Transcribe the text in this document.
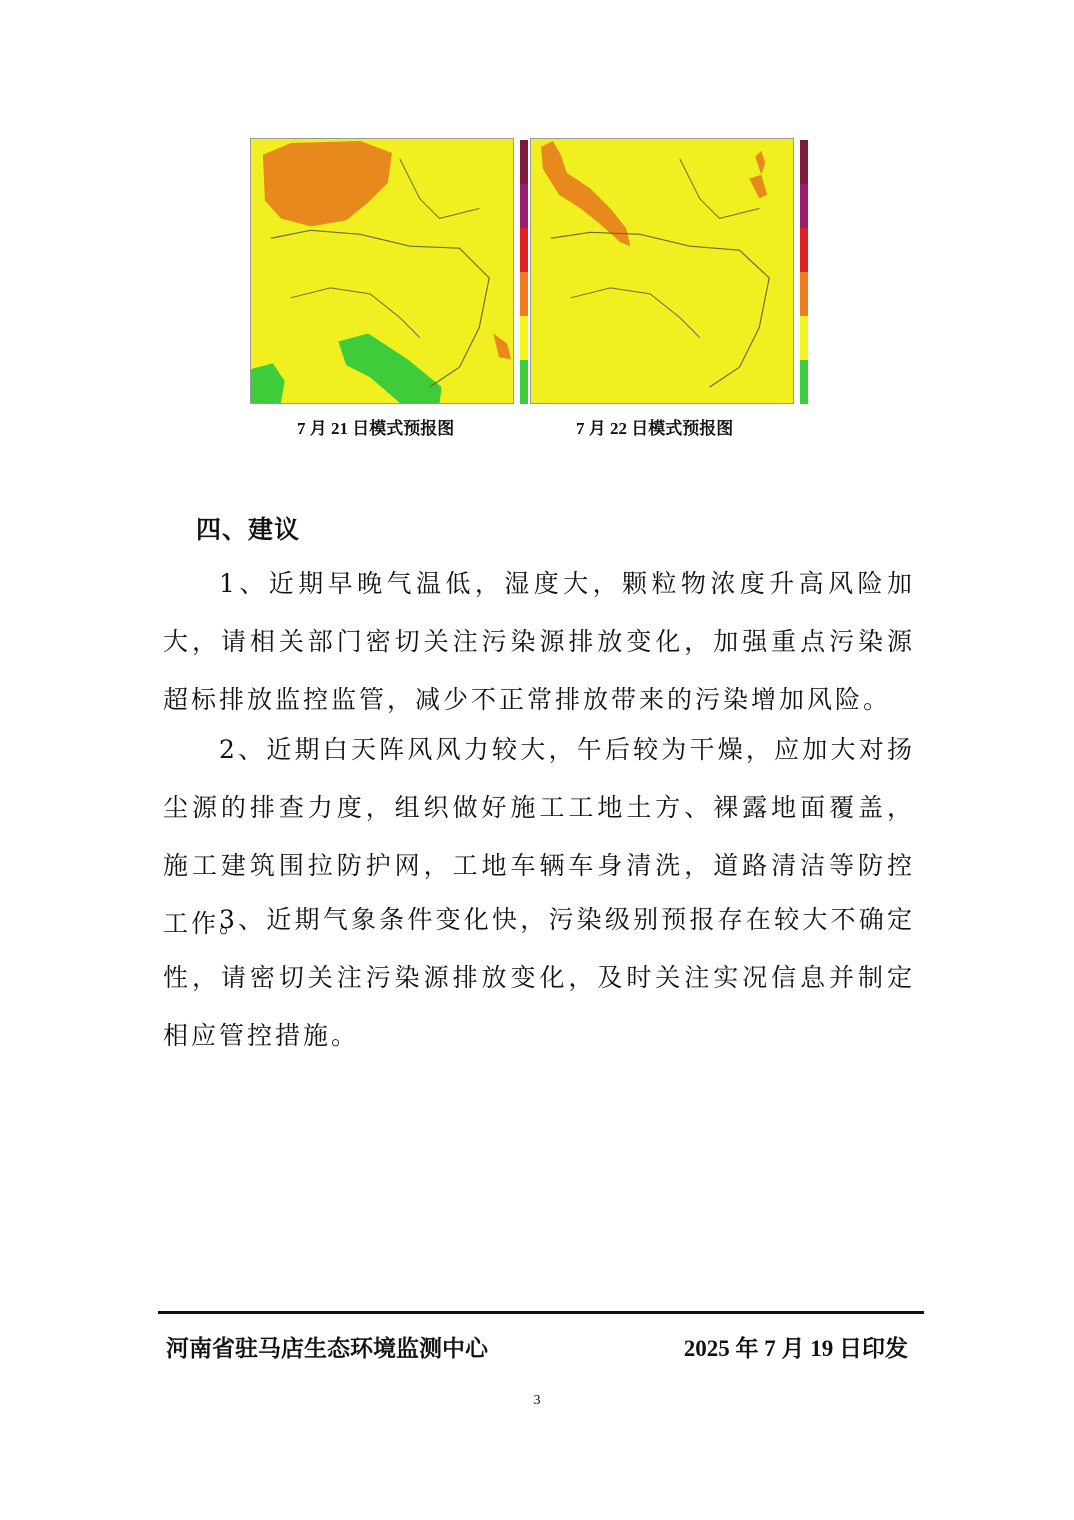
7 月 21 日模式预报图	7 月 22 日模式预报图
四、建议

1、近期早晚气温低，湿度大，颗粒物浓度升高风险加大，请相关部门密切关注污染源排放变化，加强重点污染源超标排放监控监管，减少不正常排放带来的污染增加风险。

2、近期白天阵风风力较大，午后较为干燥，应加大对扬尘源的排查力度，组织做好施工工地土方、裸露地面覆盖，施工建筑围拉防护网，工地车辆车身清洗，道路清洁等防控工作。

3、近期气象条件变化快，污染级别预报存在较大不确定性，请密切关注污染源排放变化，及时关注实况信息并制定相应管控措施。

河南省驻马店生态环境监测中心	2025 年 7 月 19 日印发
3
